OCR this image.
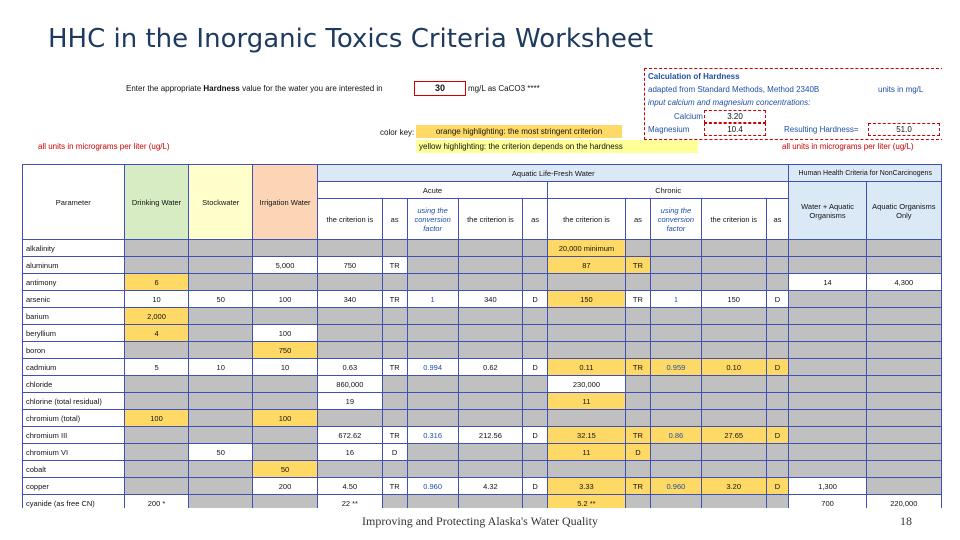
HHC in the Inorganic Toxics Criteria Worksheet
Enter the appropriate Hardness value for the water you are interested in	30	mg/L as CaCO3 ****
color key:	orange highlighting: the most stringent criterion
yellow highlighting: the criterion depends on the hardness
all units in micrograms per liter (ug/L)
Calculation of Hardness
adapted from Standard Methods, Method 2340B
input calcium and magnesium concentrations:
units in mg/L
Calcium	3.20
Magnesium	10.4	Resulting Hardness=	51.0
all units in micrograms per liter (ug/L)
Parameter	Drinking Water	Stockwater	Irrigation Water	Aquatic Life-Fresh Water										Human Health Criteria for NonCarcinogens	
				Acute					Chronic					Water + Aquatic Organisms	Aquatic Organisms Only
				the criterion is	as	using the conversion factor	the criterion is	as	the criterion is	as	using the conversion factor	the criterion is	as		
alkalinity									20,000 minimum						
aluminum			5,000	750	TR				87	TR					
antimony	6													14	4,300
arsenic	10	50	100	340	TR	1	340	D	150	TR	1	150	D		
barium	2,000														
beryllium	4		100												
boron			750												
cadmium	5	10	10	0.63	TR	0.994	0.62	D	0.11	TR	0.959	0.10	D		
chloride				860,000					230,000						
chlorine (total residual)				19					11						
chromium (total)	100		100												
chromium III				672.62	TR	0.316	212.56	D	32.15	TR	0.86	27.65	D		
chromium VI		50		16	D				11	D					
cobalt			50												
copper			200	4.50	TR	0.960	4.32	D	3.33	TR	0.960	3.20	D	1,300	
cyanide (as free CN)	200 *			22 **					5.2 **					700	220,000
Improving and Protecting Alaska's Water Quality	18
